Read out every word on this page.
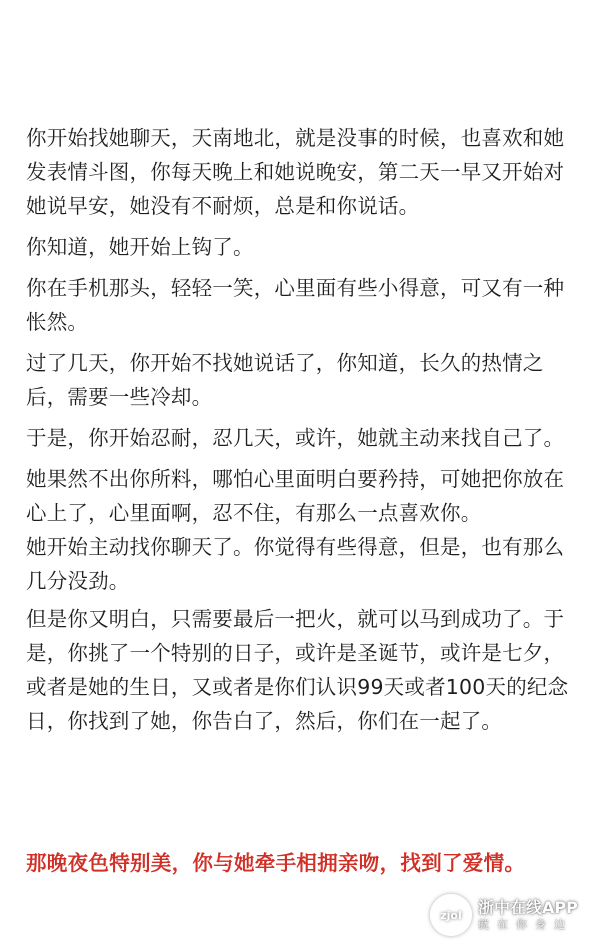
你开始找她聊天，天南地北，就是没事的时候，也喜欢和她发表情斗图，你每天晚上和她说晚安，第二天一早又开始对她说早安，她没有不耐烦，总是和你说话。

你知道，她开始上钩了。

你在手机那头，轻轻一笑，心里面有些小得意，可又有一种怅然。

过了几天，你开始不找她说话了，你知道，长久的热情之后，需要一些冷却。

于是，你开始忍耐，忍几天，或许，她就主动来找自己了。

她果然不出你所料，哪怕心里面明白要矜持，可她把你放在心上了，心里面啊，忍不住，有那么一点喜欢你。

她开始主动找你聊天了。你觉得有些得意，但是，也有那么几分没劲。

但是你又明白，只需要最后一把火，就可以马到成功了。于是，你挑了一个特别的日子，或许是圣诞节，或许是七夕，或者是她的生日，又或者是你们认识99天或者100天的纪念日，你找到了她，你告白了，然后，你们在一起了。

那晚夜色特别美，你与她牵手相拥亲吻，找到了爱情。

zjol	浙中在线APP
就在你身边
